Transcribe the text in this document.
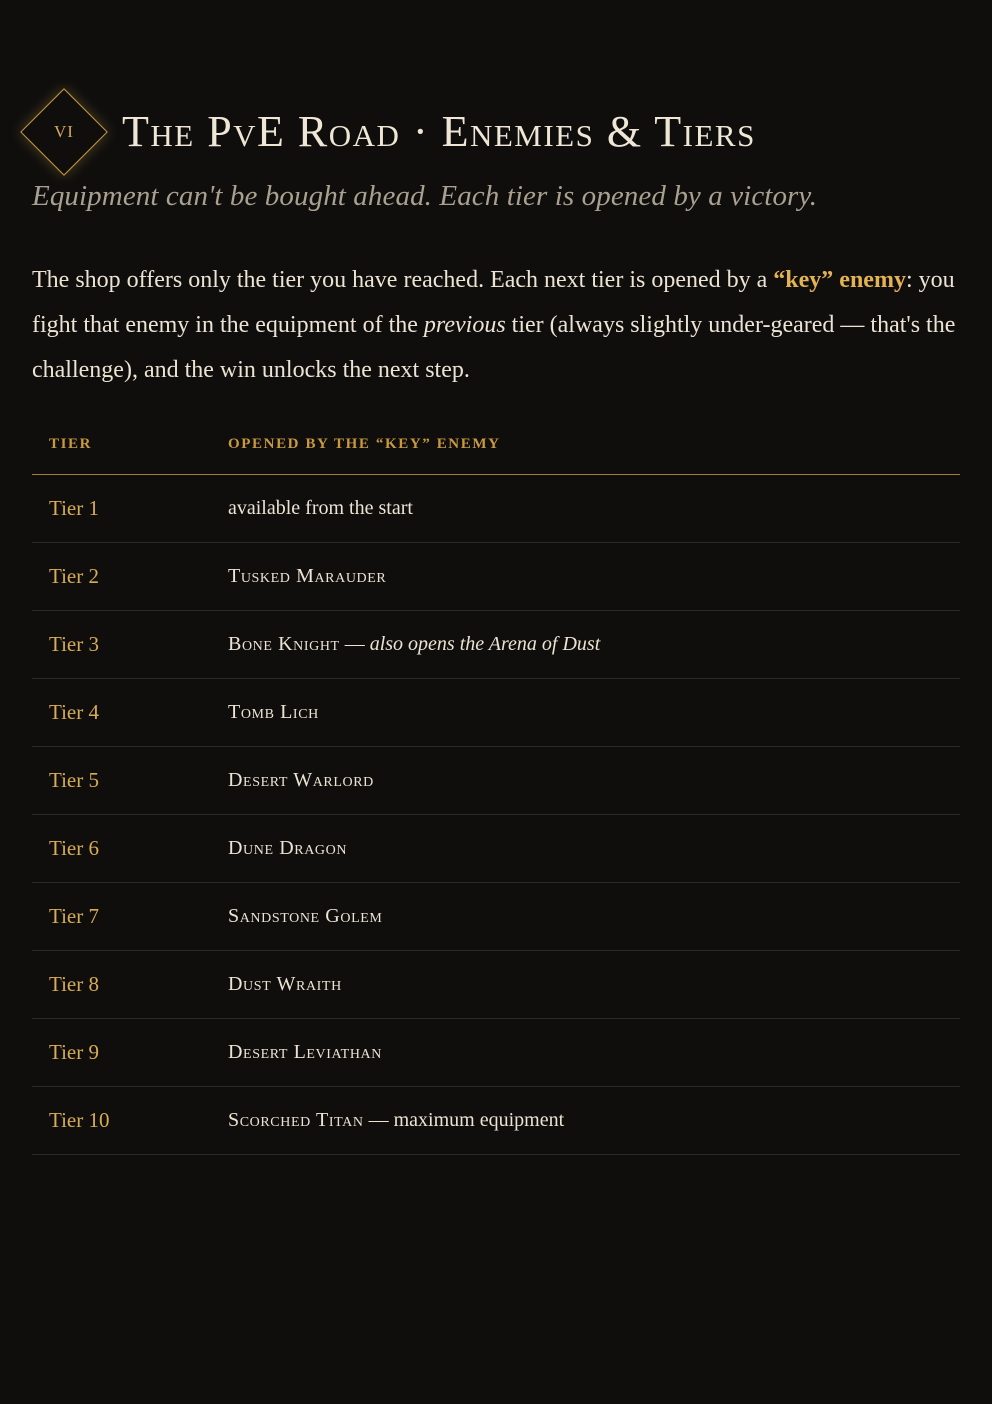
VI	The PvE Road · Enemies & Tiers

Equipment can't be bought ahead. Each tier is opened by a victory.

The shop offers only the tier you have reached. Each next tier is opened by a “key” enemy: you fight that enemy in the equipment of the previous tier (always slightly under-geared — that's the challenge), and the win unlocks the next step.

TIER	OPENED BY THE “KEY” ENEMY
Tier 1	available from the start
Tier 2	Tusked Marauder
Tier 3	Bone Knight — also opens the Arena of Dust
Tier 4	Tomb Lich
Tier 5	Desert Warlord
Tier 6	Dune Dragon
Tier 7	Sandstone Golem
Tier 8	Dust Wraith
Tier 9	Desert Leviathan
Tier 10	Scorched Titan — maximum equipment
